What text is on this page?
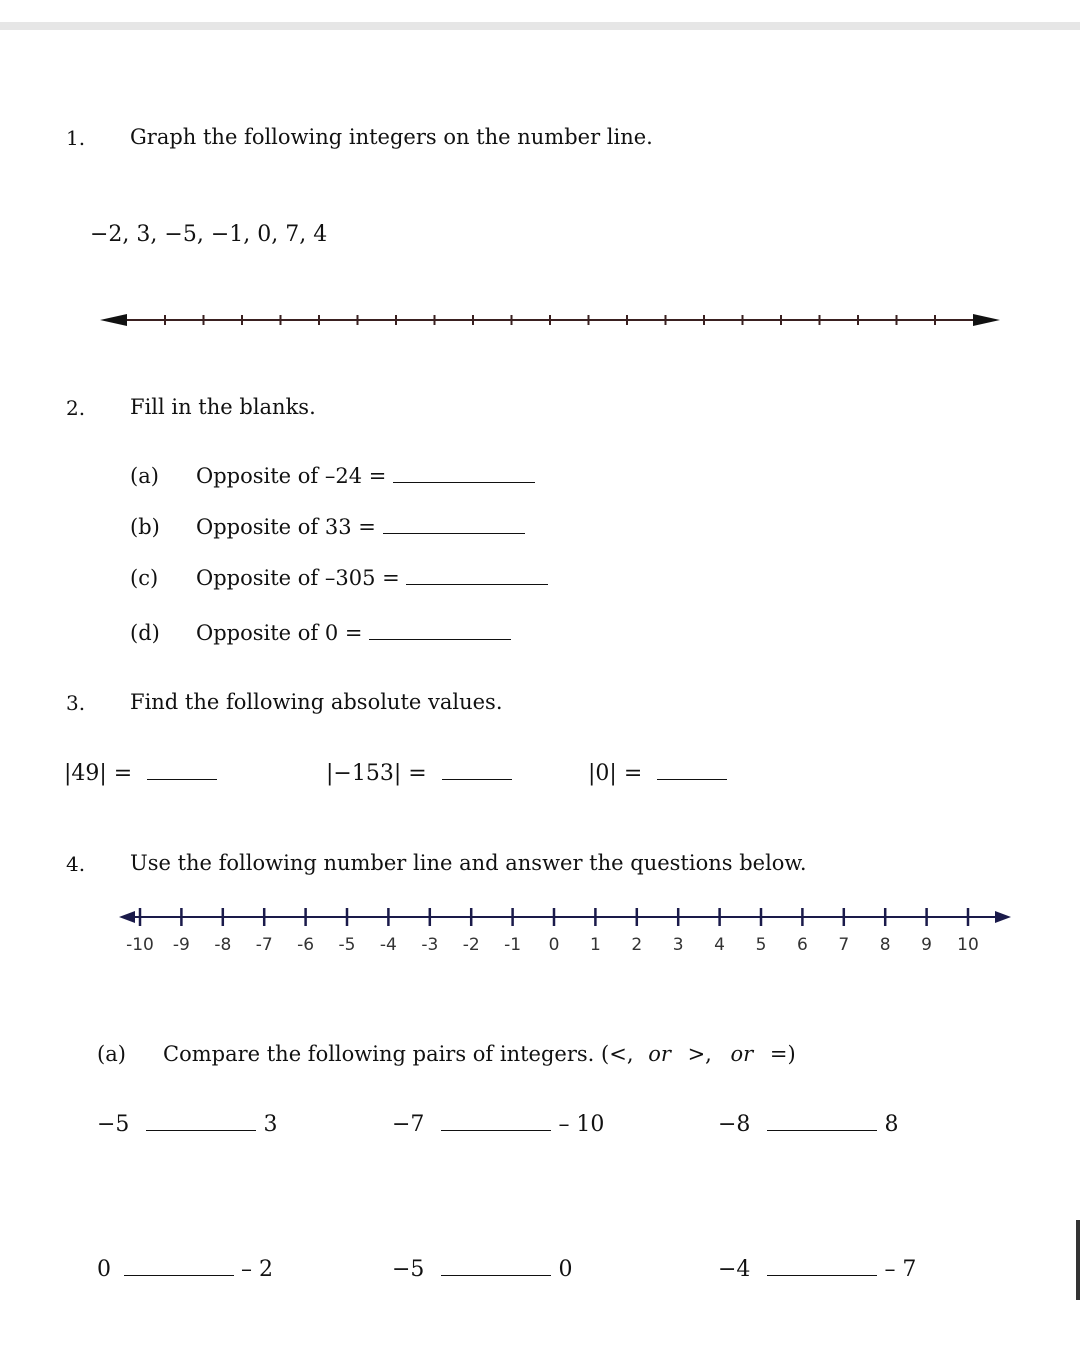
1. Graph the following integers on the number line.
−2, 3, −5, −1, 0, 7, 4
2. Fill in the blanks.
(a) Opposite of –24 =
(b) Opposite of 33 =
(c) Opposite of –305 =
(d) Opposite of 0 =
3. Find the following absolute values.
|49| =	|−153| =	|0| =
4. Use the following number line and answer the questions below.
-10 -9 -8 -7 -6 -5 -4 -3 -2 -1 0 1 2 3 4 5 6 7 8 9 10
(a) Compare the following pairs of integers. (<, or >, or =)
−5	3	−7	– 10	−8	8
0	– 2	−5	0	−4	– 7
